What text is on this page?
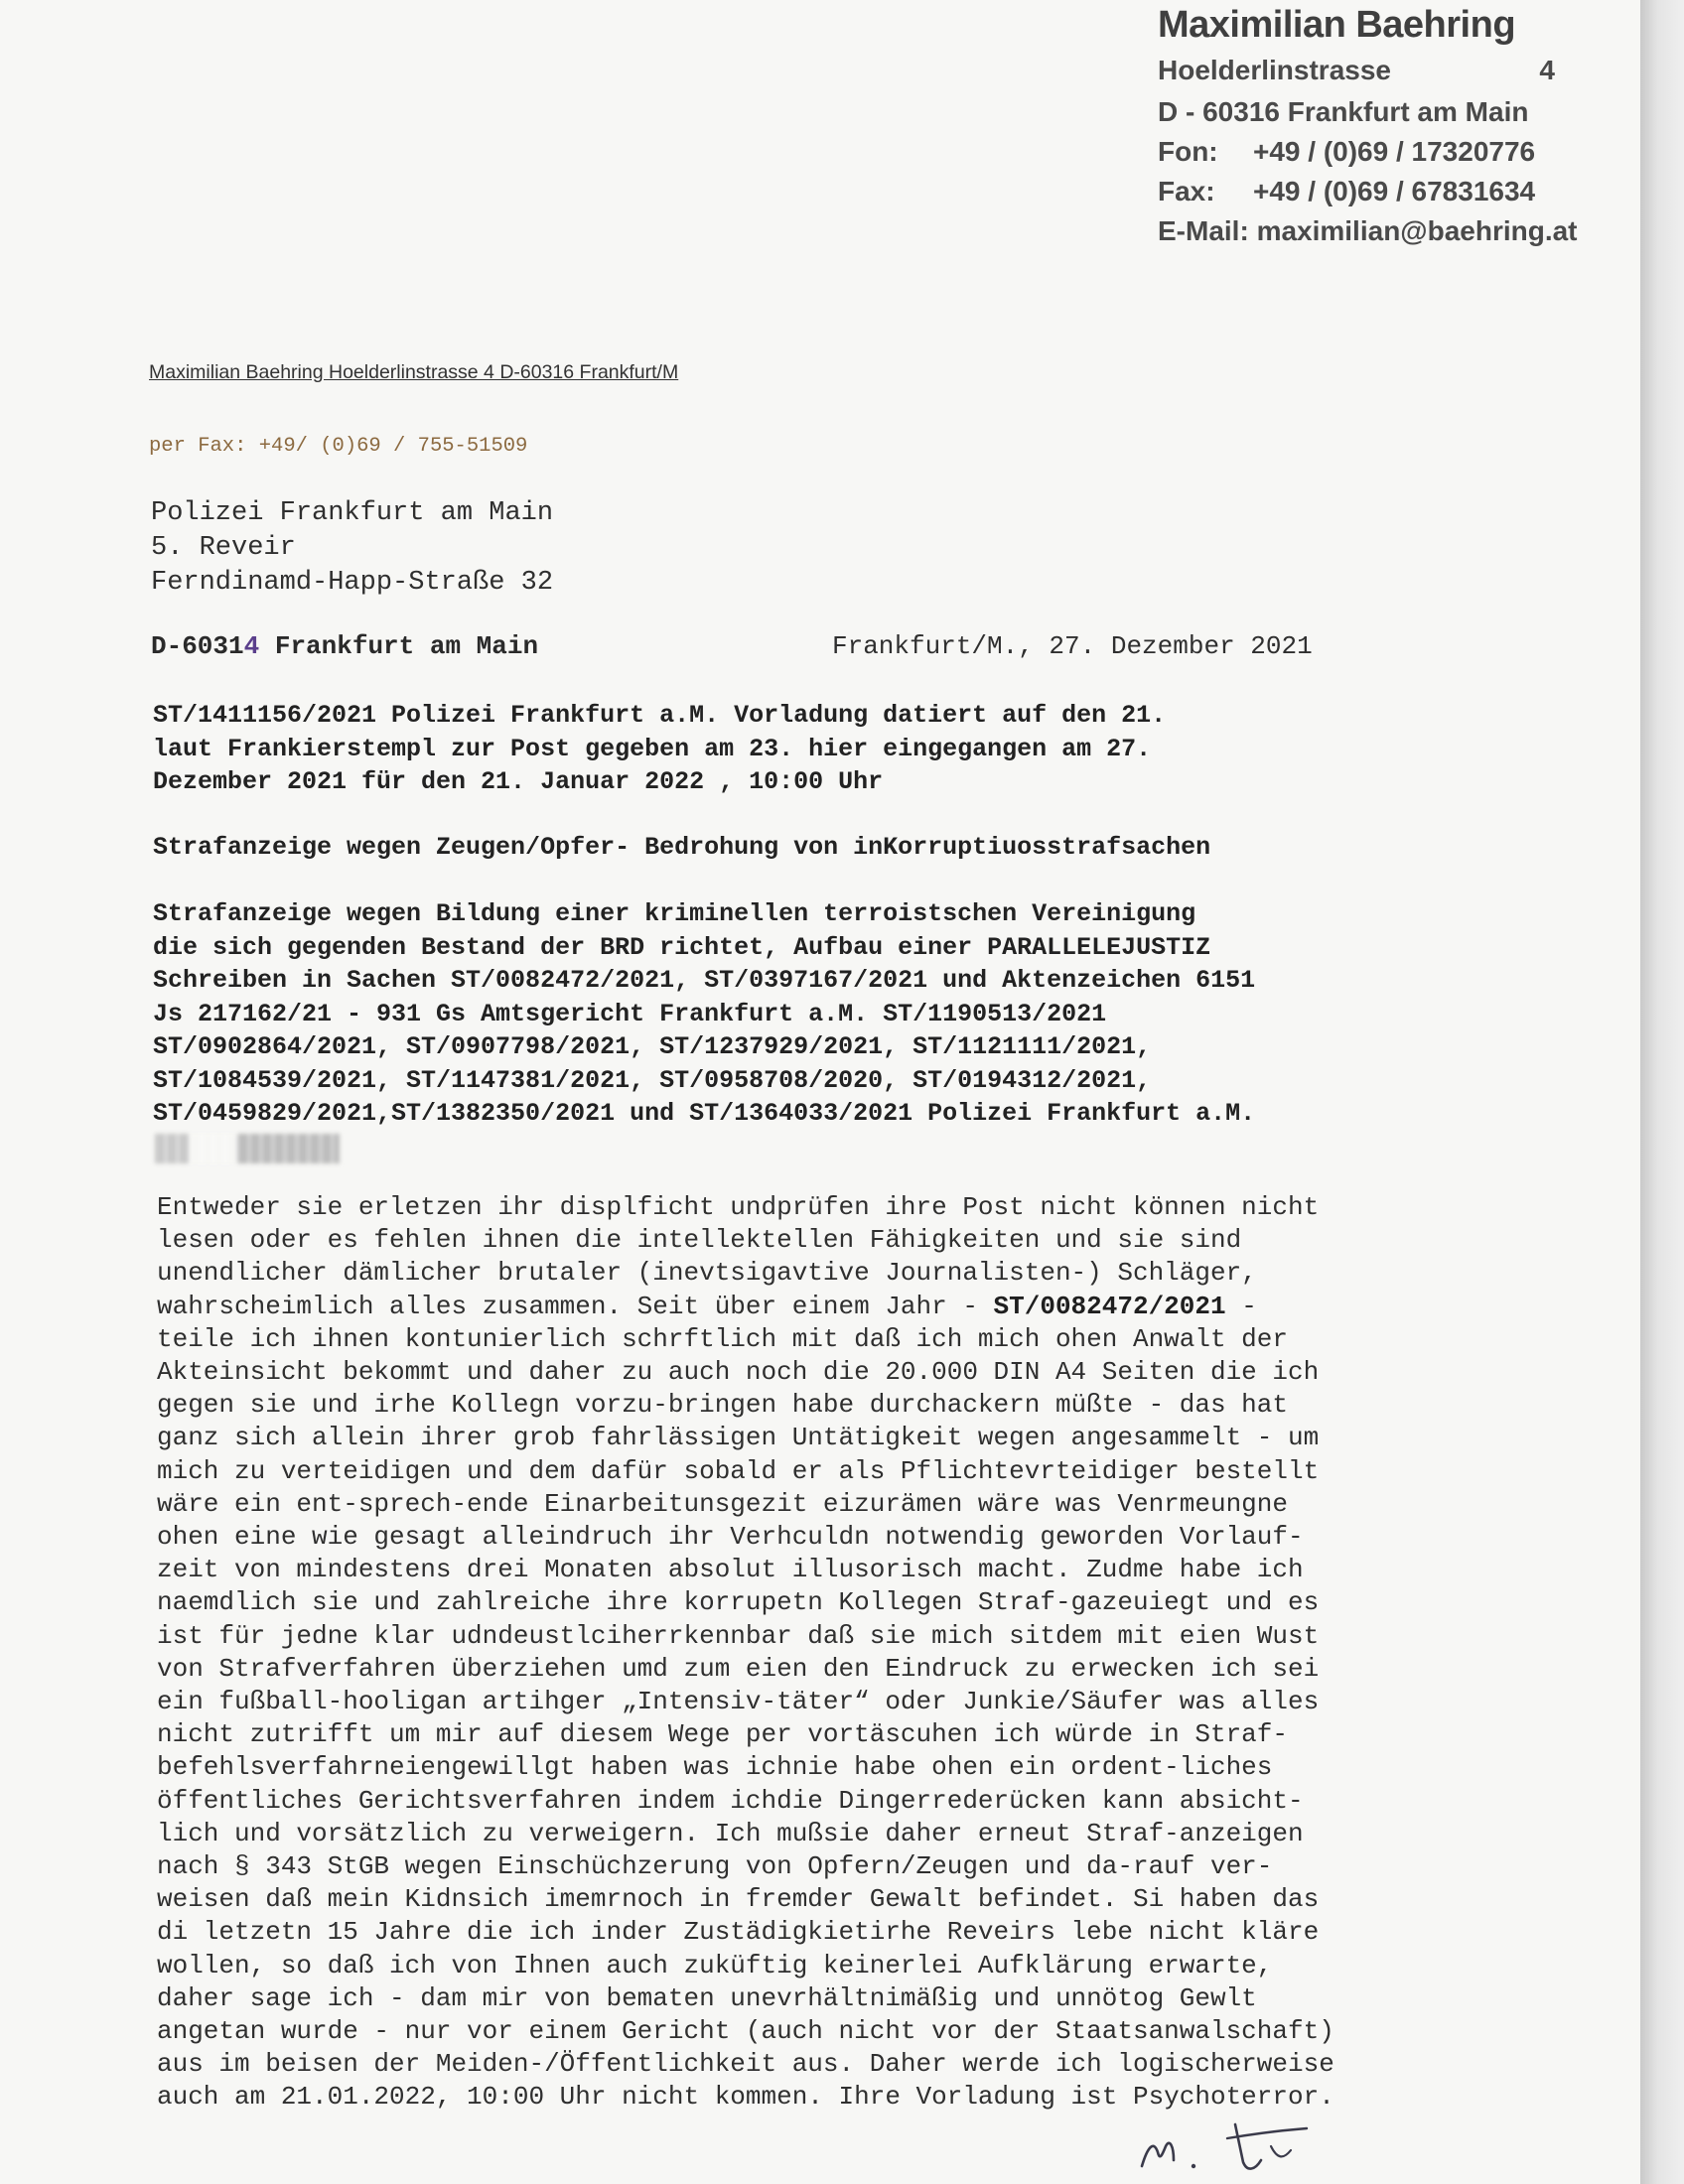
Maximilian Baehring
Hoelderlinstrasse	4
D - 60316 Frankfurt am Main
Fon:	+49 / (0)69 / 17320776
Fax:	+49 / (0)69 / 67831634
E-Mail: maximilian@baehring.at
Maximilian Baehring Hoelderlinstrasse 4 D-60316 Frankfurt/M
per Fax: +49/ (0)69 / 755-51509
Polizei Frankfurt am Main
5. Reveir
Ferndinamd-Happ-Straße 32
D-60314 Frankfurt am Main	Frankfurt/M., 27. Dezember 2021
ST/1411156/2021 Polizei Frankfurt a.M. Vorladung datiert auf den 21.
laut Frankierstempl zur Post gegeben am 23. hier eingegangen am 27.
Dezember 2021 für den 21. Januar 2022 , 10:00 Uhr
Strafanzeige wegen Zeugen/Opfer- Bedrohung von inKorruptiuosstrafsachen
Strafanzeige wegen Bildung einer kriminellen terroistschen Vereinigung
die sich gegenden Bestand der BRD richtet, Aufbau einer PARALLELEJUSTIZ
Schreiben in Sachen ST/0082472/2021, ST/0397167/2021 und Aktenzeichen 6151
Js 217162/21 - 931 Gs Amtsgericht Frankfurt a.M. ST/1190513/2021
ST/0902864/2021, ST/0907798/2021, ST/1237929/2021, ST/1121111/2021,
ST/1084539/2021, ST/1147381/2021, ST/0958708/2020, ST/0194312/2021,
ST/0459829/2021,ST/1382350/2021 und ST/1364033/2021 Polizei Frankfurt a.M.
Entweder sie erletzen ihr displficht undprüfen ihre Post nicht können nicht
lesen oder es fehlen ihnen die intellektellen Fähigkeiten und sie sind
unendlicher dämlicher brutaler (inevtsigavtive Journalisten-) Schläger,
wahrscheimlich alles zusammen. Seit über einem Jahr - ST/0082472/2021 -
teile ich ihnen kontunierlich schrftlich mit daß ich mich ohen Anwalt der
Akteinsicht bekommt und daher zu auch noch die 20.000 DIN A4 Seiten die ich
gegen sie und irhe Kollegn vorzu-bringen habe durchackern müßte - das hat
ganz sich allein ihrer grob fahrlässigen Untätigkeit wegen angesammelt - um
mich zu verteidigen und dem dafür sobald er als Pflichtevrteidiger bestellt
wäre ein ent-sprech-ende Einarbeitunsgezit eizurämen wäre was Venrmeungne
ohen eine wie gesagt alleindruch ihr Verhculdn notwendig geworden Vorlauf-
zeit von mindestens drei Monaten absolut illusorisch macht. Zudme habe ich
naemdlich sie und zahlreiche ihre korrupetn Kollegen Straf-gazeuiegt und es
ist für jedne klar udndeustlciherrkennbar daß sie mich sitdem mit eien Wust
von Strafverfahren überziehen umd zum eien den Eindruck zu erwecken ich sei
ein fußball-hooligan artihger „Intensiv-täter“ oder Junkie/Säufer was alles
nicht zutrifft um mir auf diesem Wege per vortäscuhen ich würde in Straf-
befehlsverfahrneiengewillgt haben was ichnie habe ohen ein ordent-liches
öffentliches Gerichtsverfahren indem ichdie Dingerrederücken kann absicht-
lich und vorsätzlich zu verweigern. Ich mußsie daher erneut Straf-anzeigen
nach § 343 StGB wegen Einschüchzerung von Opfern/Zeugen und da-rauf ver-
weisen daß mein Kidnsich imemrnoch in fremder Gewalt befindet. Si haben das
di letzetn 15 Jahre die ich inder Zustädigkietirhe Reveirs lebe nicht kläre
wollen, so daß ich von Ihnen auch zuküftig keinerlei Aufklärung erwarte,
daher sage ich - dam mir von bematen unevrhältnimäßig und unnötog Gewlt
angetan wurde - nur vor einem Gericht (auch nicht vor der Staatsanwalschaft)
aus im beisen der Meiden-/Öffentlichkeit aus. Daher werde ich logischerweise
auch am 21.01.2022, 10:00 Uhr nicht kommen. Ihre Vorladung ist Psychoterror.
